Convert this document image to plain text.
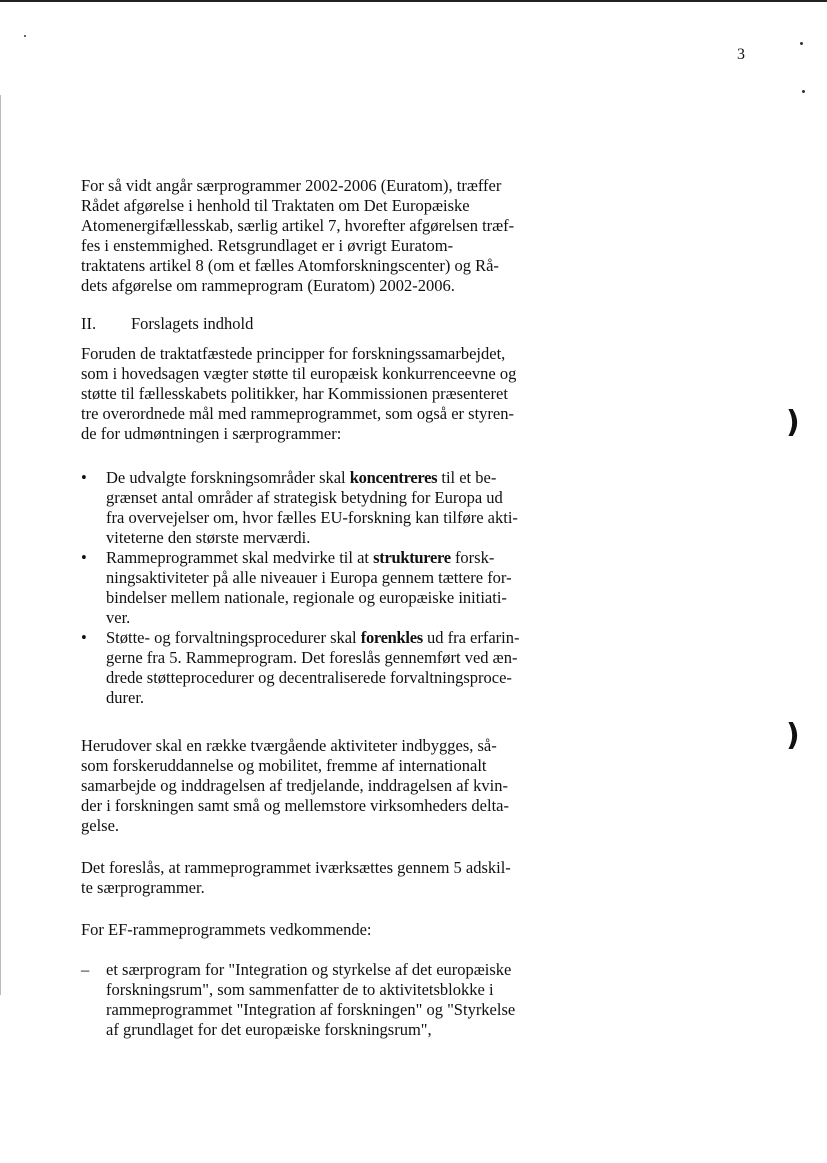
3
)
)

For så vidt angår særprogrammer 2002-2006 (Euratom), træffer
Rådet afgørelse i henhold til Traktaten om Det Europæiske
Atomenergifællesskab, særlig artikel 7, hvorefter afgørelsen træf-
fes i enstemmighed. Retsgrundlaget er i øvrigt Euratom-
traktatens artikel 8 (om et fælles Atomforskningscenter) og Rå-
dets afgørelse om rammeprogram (Euratom) 2002-2006.

II. Forslagets indhold

Foruden de traktatfæstede principper for forskningssamarbejdet,
som i hovedsagen vægter støtte til europæisk konkurrenceevne og
støtte til fællesskabets politikker, har Kommissionen præsenteret
tre overordnede mål med rammeprogrammet, som også er styren-
de for udmøntningen i særprogrammer:

• De udvalgte forskningsområder skal koncentreres til et be-
grænset antal områder af strategisk betydning for Europa ud
fra overvejelser om, hvor fælles EU-forskning kan tilføre akti-
viteterne den største merværdi.
• Rammeprogrammet skal medvirke til at strukturere forsk-
ningsaktiviteter på alle niveauer i Europa gennem tættere for-
bindelser mellem nationale, regionale og europæiske initiati-
ver.
• Støtte- og forvaltningsprocedurer skal forenkles ud fra erfarin-
gerne fra 5. Rammeprogram. Det foreslås gennemført ved æn-
drede støtteprocedurer og decentraliserede forvaltningsproce-
durer.

Herudover skal en række tværgående aktiviteter indbygges, så-
som forskeruddannelse og mobilitet, fremme af internationalt
samarbejde og inddragelsen af tredjelande, inddragelsen af kvin-
der i forskningen samt små og mellemstore virksomheders delta-
gelse.

Det foreslås, at rammeprogrammet iværksættes gennem 5 adskil-
te særprogrammer.

For EF-rammeprogrammets vedkommende:

– et særprogram for "Integration og styrkelse af det europæiske
forskningsrum", som sammenfatter de to aktivitetsblokke i
rammeprogrammet "Integration af forskningen" og "Styrkelse
af grundlaget for det europæiske forskningsrum",
